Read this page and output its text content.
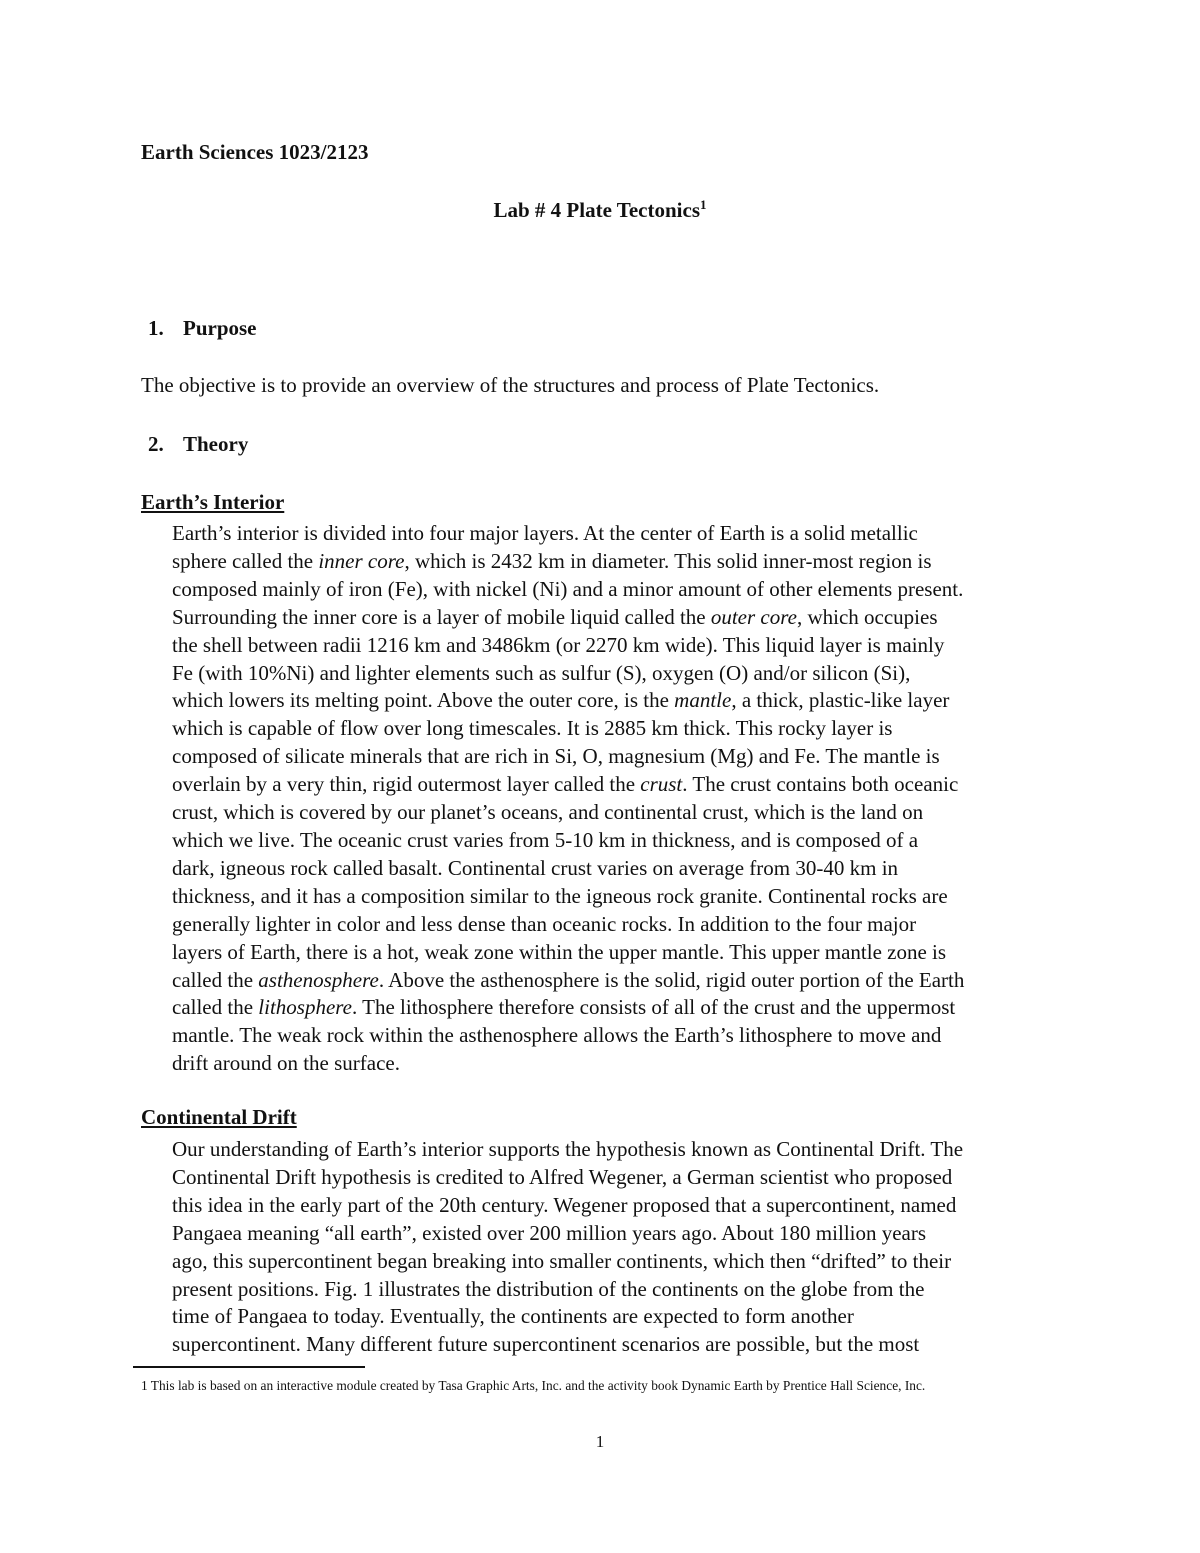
Earth Sciences 1023/2123
Lab # 4 Plate Tectonics$^1$
1. Purpose
The objective is to provide an overview of the structures and process of Plate Tectonics.
2. Theory
Earth’s Interior
Earth’s interior is divided into four major layers. At the center of Earth is a solid metallic
sphere called the inner core, which is 2432 km in diameter. This solid inner-most region is
composed mainly of iron (Fe), with nickel (Ni) and a minor amount of other elements present.
Surrounding the inner core is a layer of mobile liquid called the outer core, which occupies
the shell between radii 1216 km and 3486km (or 2270 km wide). This liquid layer is mainly
Fe (with 10%Ni) and lighter elements such as sulfur (S), oxygen (O) and/or silicon (Si),
which lowers its melting point. Above the outer core, is the mantle, a thick, plastic-like layer
which is capable of flow over long timescales. It is 2885 km thick. This rocky layer is
composed of silicate minerals that are rich in Si, O, magnesium (Mg) and Fe. The mantle is
overlain by a very thin, rigid outermost layer called the crust. The crust contains both oceanic
crust, which is covered by our planet’s oceans, and continental crust, which is the land on
which we live. The oceanic crust varies from 5-10 km in thickness, and is composed of a
dark, igneous rock called basalt. Continental crust varies on average from 30-40 km in
thickness, and it has a composition similar to the igneous rock granite. Continental rocks are
generally lighter in color and less dense than oceanic rocks. In addition to the four major
layers of Earth, there is a hot, weak zone within the upper mantle. This upper mantle zone is
called the asthenosphere. Above the asthenosphere is the solid, rigid outer portion of the Earth
called the lithosphere. The lithosphere therefore consists of all of the crust and the uppermost
mantle. The weak rock within the asthenosphere allows the Earth’s lithosphere to move and
drift around on the surface.
Continental Drift
Our understanding of Earth’s interior supports the hypothesis known as Continental Drift. The
Continental Drift hypothesis is credited to Alfred Wegener, a German scientist who proposed
this idea in the early part of the 20th century. Wegener proposed that a supercontinent, named
Pangaea meaning “all earth”, existed over 200 million years ago. About 180 million years
ago, this supercontinent began breaking into smaller continents, which then “drifted” to their
present positions. Fig. 1 illustrates the distribution of the continents on the globe from the
time of Pangaea to today. Eventually, the continents are expected to form another
supercontinent. Many different future supercontinent scenarios are possible, but the most
1 This lab is based on an interactive module created by Tasa Graphic Arts, Inc. and the activity book Dynamic Earth by Prentice Hall Science, Inc.
1
